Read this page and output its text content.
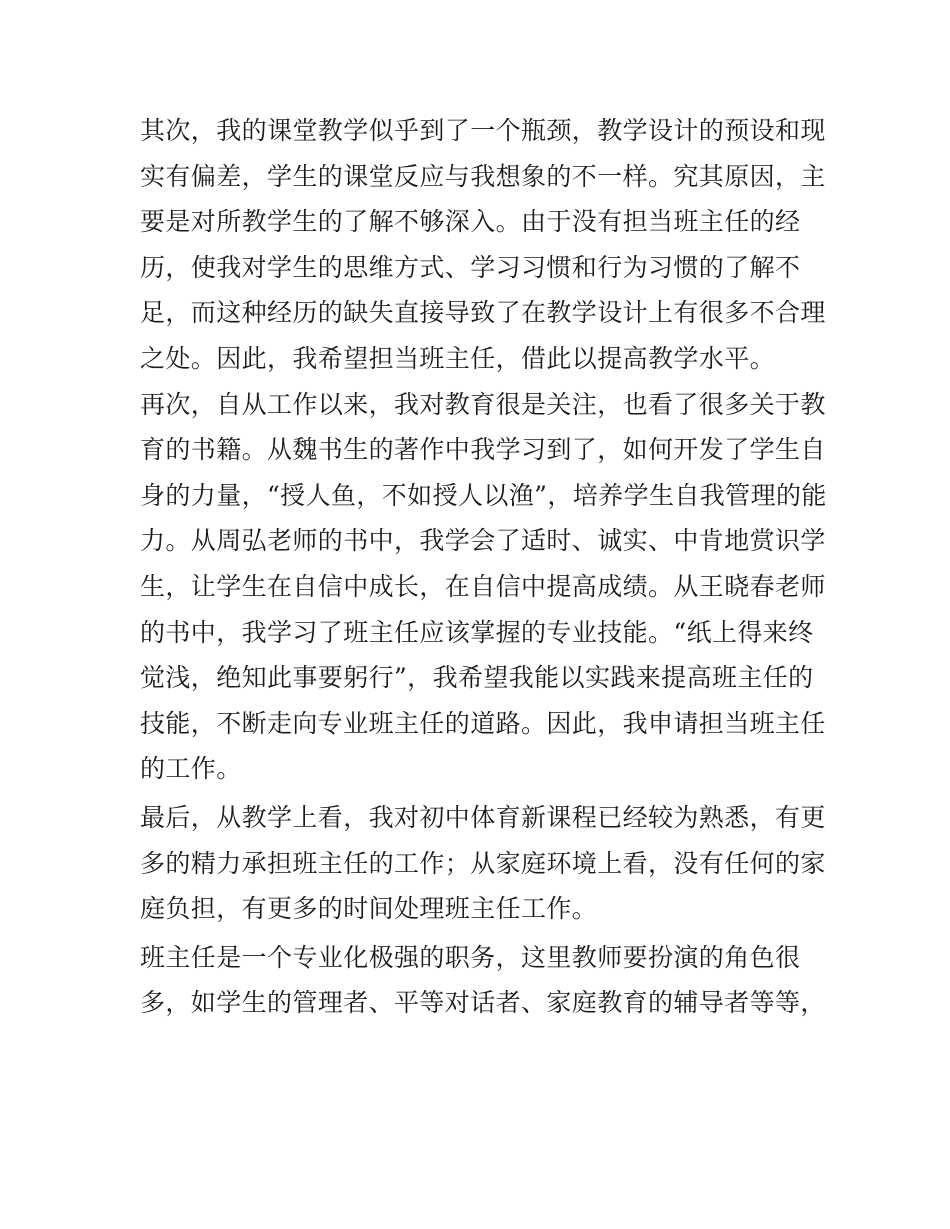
其次，我的课堂教学似乎到了一个瓶颈，教学设计的预设和现
实有偏差，学生的课堂反应与我想象的不一样。究其原因，主
要是对所教学生的了解不够深入。由于没有担当班主任的经
历，使我对学生的思维方式、学习习惯和行为习惯的了解不
足，而这种经历的缺失直接导致了在教学设计上有很多不合理
之处。因此，我希望担当班主任，借此以提高教学水平。
再次，自从工作以来，我对教育很是关注，也看了很多关于教
育的书籍。从魏书生的著作中我学习到了，如何开发了学生自
身的力量，“授人鱼，不如授人以渔”，培养学生自我管理的能
力。从周弘老师的书中，我学会了适时、诚实、中肯地赏识学
生，让学生在自信中成长，在自信中提高成绩。从王晓春老师
的书中，我学习了班主任应该掌握的专业技能。“纸上得来终
觉浅，绝知此事要躬行”，我希望我能以实践来提高班主任的
技能，不断走向专业班主任的道路。因此，我申请担当班主任
的工作。
最后，从教学上看，我对初中体育新课程已经较为熟悉，有更
多的精力承担班主任的工作；从家庭环境上看，没有任何的家
庭负担，有更多的时间处理班主任工作。
班主任是一个专业化极强的职务，这里教师要扮演的角色很
多，如学生的管理者、平等对话者、家庭教育的辅导者等等，
